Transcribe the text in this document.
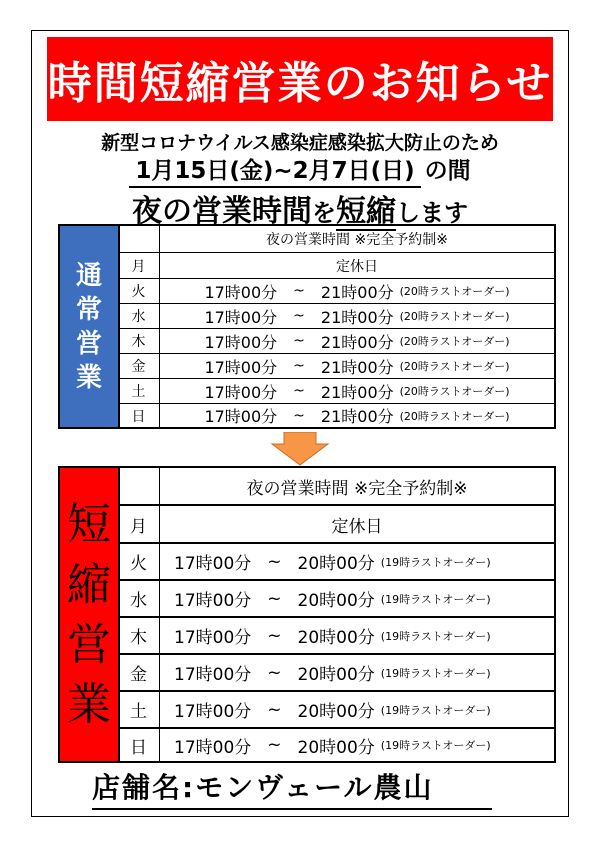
時間短縮営業のお知らせ
新型コロナウイルス感染症感染拡大防止のため
1月15日(金)~2月7日(日) の間
夜の営業時間を短縮します
通
常
営
業
夜の営業時間 ※完全予約制※
月	定休日
火	17時00分 ~ 21時00分 (20時ラストオーダー)
水	17時00分 ~ 21時00分 (20時ラストオーダー)
木	17時00分 ~ 21時00分 (20時ラストオーダー)
金	17時00分 ~ 21時00分 (20時ラストオーダー)
土	17時00分 ~ 21時00分 (20時ラストオーダー)
日	17時00分 ~ 21時00分 (20時ラストオーダー)
短
縮
営
業
夜の営業時間 ※完全予約制※
月	定休日
火	17時00分 ~ 20時00分 (19時ラストオーダー)
水	17時00分 ~ 20時00分 (19時ラストオーダー)
木	17時00分 ~ 20時00分 (19時ラストオーダー)
金	17時00分 ~ 20時00分 (19時ラストオーダー)
土	17時00分 ~ 20時00分 (19時ラストオーダー)
日	17時00分 ~ 20時00分 (19時ラストオーダー)
店舗名:モンヴェール農山
